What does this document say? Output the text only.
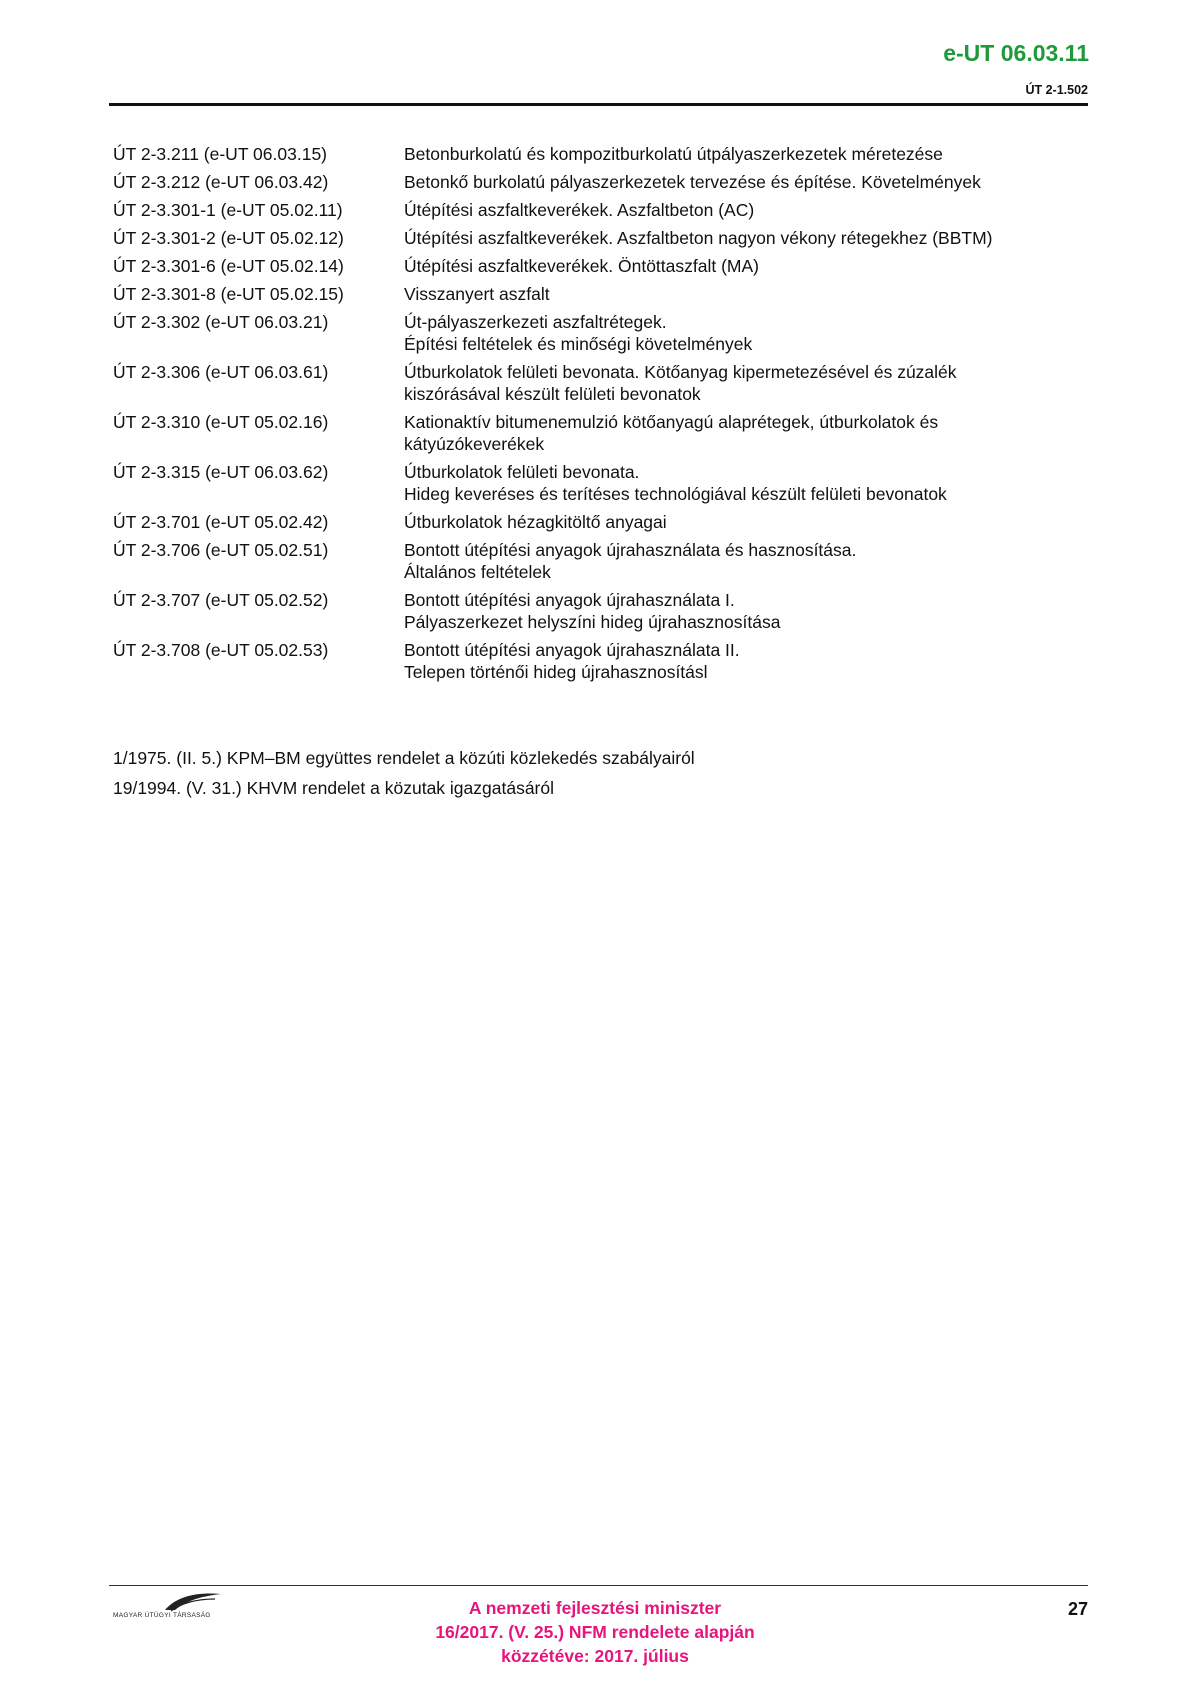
e-UT 06.03.11
ÚT 2-1.502
ÚT 2-3.211 (e-UT 06.03.15)	Betonburkolatú és kompozitburkolatú útpályaszerkezetek méretezése
ÚT 2-3.212 (e-UT 06.03.42)	Betonkő burkolatú pályaszerkezetek tervezése és építése. Követelmények
ÚT 2-3.301-1 (e-UT 05.02.11)	Útépítési aszfaltkeverékek. Aszfaltbeton (AC)
ÚT 2-3.301-2 (e-UT 05.02.12)	Útépítési aszfaltkeverékek. Aszfaltbeton nagyon vékony rétegekhez (BBTM)
ÚT 2-3.301-6 (e-UT 05.02.14)	Útépítési aszfaltkeverékek. Öntöttaszfalt (MA)
ÚT 2-3.301-8 (e-UT 05.02.15)	Visszanyert aszfalt
ÚT 2-3.302 (e-UT 06.03.21)	Út-pályaszerkezeti aszfaltrétegek.
Építési feltételek és minőségi követelmények
ÚT 2-3.306 (e-UT 06.03.61)	Útburkolatok felületi bevonata. Kötőanyag kipermetezésével és zúzalék
kiszórásával készült felületi bevonatok
ÚT 2-3.310 (e-UT 05.02.16)	Kationaktív bitumenemulzió kötőanyagú alaprétegek, útburkolatok és
kátyúzókeverékek
ÚT 2-3.315 (e-UT 06.03.62)	Útburkolatok felületi bevonata.
Hideg keveréses és terítéses technológiával készült felületi bevonatok
ÚT 2-3.701 (e-UT 05.02.42)	Útburkolatok hézagkitöltő anyagai
ÚT 2-3.706 (e-UT 05.02.51)	Bontott útépítési anyagok újrahasználata és hasznosítása.
Általános feltételek
ÚT 2-3.707 (e-UT 05.02.52)	Bontott útépítési anyagok újrahasználata I.
Pályaszerkezet helyszíni hideg újrahasznosítása
ÚT 2-3.708 (e-UT 05.02.53)	Bontott útépítési anyagok újrahasználata II.
Telepen történői hideg újrahasznosításl
1/1975. (II. 5.) KPM–BM együttes rendelet a közúti közlekedés szabályairól
19/1994. (V. 31.) KHVM rendelet a közutak igazgatásáról
MAGYAR ÚTÜGYI TÁRSASÁG	A nemzeti fejlesztési miniszter
16/2017. (V. 25.) NFM rendelete alapján
közzétéve: 2017. július
27
